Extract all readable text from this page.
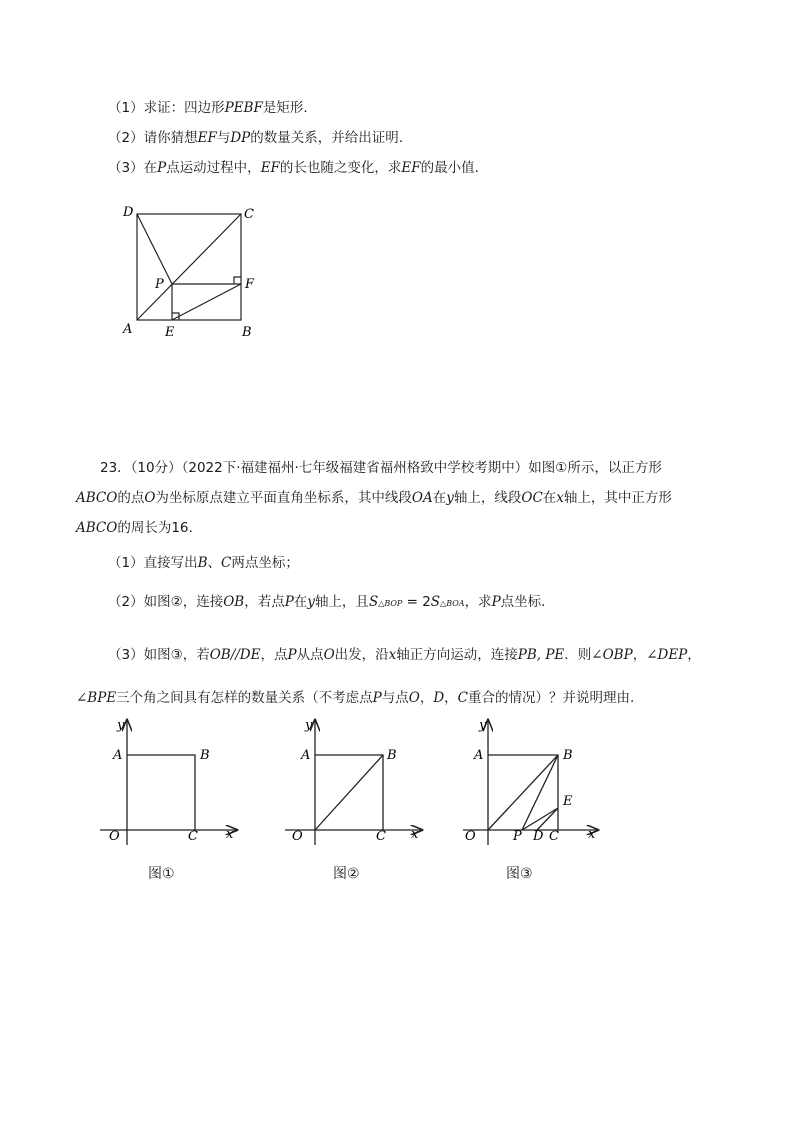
（1）求证：四边形PEBF是矩形.
（2）请你猜想EF与DP的数量关系，并给出证明.
（3）在P点运动过程中，EF的长也随之变化，求EF的最小值.
D	C
P	F
A	E	B
23．（10分）（2022下·福建福州·七年级福建省福州格致中学校考期中）如图①所示，以正方形
ABCO的点O为坐标原点建立平面直角坐标系，其中线段OA在y轴上，线段OC在x轴上，其中正方形
ABCO的周长为16.
（1）直接写出B、C两点坐标；
（2）如图②，连接OB，若点P在y轴上，且S△BOP = 2S△BOA，求P点坐标.
（3）如图③，若OB//DE，点P从点O出发，沿x轴正方向运动，连接PB, PE．则∠OBP，∠DEP，
∠BPE三个角之间具有怎样的数量关系（不考虑点P与点O，D，C重合的情况）？并说明理由.
y
A	B
O	C x
图①
y
A	B
O	C x
图②
y
A	B
E
O	P D C x
图③
